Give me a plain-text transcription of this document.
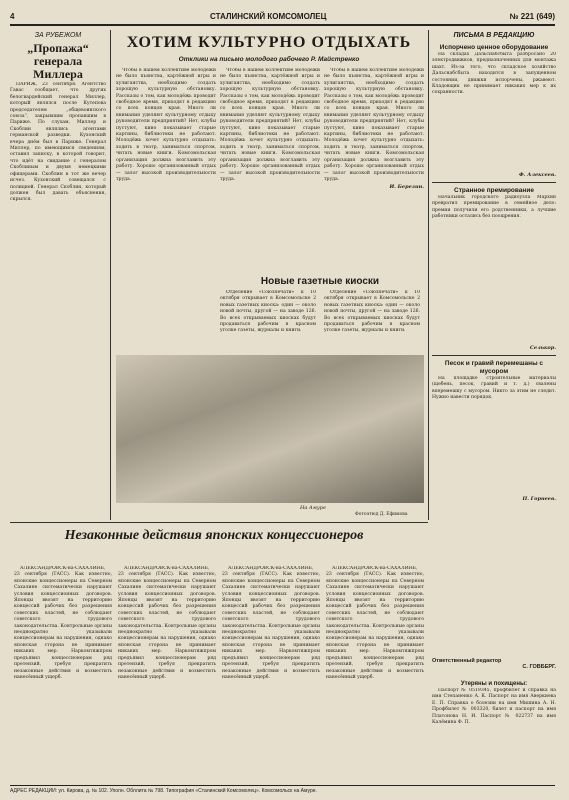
4	СТАЛИНСКИЙ КОМСОМОЛЕЦ	№ 221 (649)
ЗА РУБЕЖОМ
„Пропажа“ генерала Миллера

ПАРИЖ, 23 сентября. Агентство Гавас сообщает, что других белогвардейский генерал Миллер, который являлся после Кутепова председателем „общевоинского союза“, закрывшим пропавшим в Париже. По слухам, Миллер и Скоблин являлись агентами германской разведки. Кухонский вчера днём был в Париже. Генерал Миллер, по имеющимся сведениям, оставил записку, в которой говорит, что идёт на свидание с генералом Скоблиным и двумя немецкими офицерами. Скоблин в тот же вечер исчез. Кухонский совещался с полицией. Генерал Скоблин, который должен был давать объяснения, скрылся.

ХОТИМ КУЛЬТУРНО ОТДЫХАТЬ
Отклики на письмо молодого рабочего Р. Майстренко

Чтобы в нашем коллективе молодёжи не было пьянства, картёжной игры и хулиганства, необходимо создать хорошую культурную обстановку. Рассказы о том, как молодёжь проводит свободное время, приходят в редакцию со всех концов края. Много ли внимания уделяют культурному отдыху руководители предприятий? Нет, клубы пустуют, кино показывает старые картины, библиотеки не работают. Молодёжь хочет культурно отдыхать: ходить в театр, заниматься спортом, читать новые книги. Комсомольская организация должна возглавить эту работу. Хорошо организованный отдых — залог высокой производительности труда.

Чтобы в нашем коллективе молодёжи не было пьянства, картёжной игры и хулиганства, необходимо создать хорошую культурную обстановку. Рассказы о том, как молодёжь проводит свободное время, приходят в редакцию со всех концов края. Много ли внимания уделяют культурному отдыху руководители предприятий? Нет, клубы пустуют, кино показывает старые картины, библиотеки не работают. Молодёжь хочет культурно отдыхать: ходить в театр, заниматься спортом, читать новые книги. Комсомольская организация должна возглавить эту работу. Хорошо организованный отдых — залог высокой производительности труда.

Чтобы в нашем коллективе молодёжи не было пьянства, картёжной игры и хулиганства, необходимо создать хорошую культурную обстановку. Рассказы о том, как молодёжь проводит свободное время, приходят в редакцию со всех концов края. Много ли внимания уделяют культурному отдыху руководители предприятий? Нет, клубы пустуют, кино показывает старые картины, библиотеки не работают. Молодёжь хочет культурно отдыхать: ходить в театр, заниматься спортом, читать новые книги. Комсомольская организация должна возглавить эту работу. Хорошо организованный отдых — залог высокой производительности труда.

И. Березин.
Новые газетные киоски

Отделение «Союзпечати» к 10 октября открывает в Комсомольске 2 новых газетных киоска: один — около новой почты, другой — на заводе 126. Во всех открываемых киосках будут продаваться рабочим в красном уголке газеты, журналы и книги.

Отделение «Союзпечати» к 10 октября открывает в Комсомольске 2 новых газетных киоска: один — около новой почты, другой — на заводе 126. Во всех открываемых киосках будут продаваться рабочим в красном уголке газеты, журналы и книги.

На Амуре
Фотоэтюд Д. Ефимова
ПИСЬМА В РЕДАКЦИЮ
Испорчено ценное оборудование

На складах Дальснабсбыта разбросано 20 электродвижков, предназначенных для монтажа шахт. Из-за того, что складское хозяйство Дальснабсбыта находится в запущенном состоянии, движки испорчены, ржавеют. Кладовщик не принимает никаких мер к их сохранности.

Ф. Алексеев.
Странное премирование

Начальник городского радиоузла Мархин превратил премирование в семейное дело: премии получили его родственники, а лучшие работники остались без поощрения.

Селькор.
Песок и гравий перемешаны с мусором

На площадке строительные материалы (щебень, песок, гравий и т. д.) свалены вперемешку с мусором. Никто за этим не следит. Нужно навести порядок.

П. Горнеев.
Незаконные действия японских концессионеров

АЛЕКСАНДРОВСК-на-САХАЛИНЕ, 23 сентября (ТАСС). Как известно, японские концессионеры на Северном Сахалине систематически нарушают условия концессионных договоров. Японцы ввозят на территорию концессий рабочих без разрешения советских властей, не соблюдают советского трудового законодательства. Контрольные органы неоднократно указывали концессионерам на нарушения, однако японская сторона не принимает никаких мер. Наркомтяжпром предъявил концессионерам ряд претензий, требуя прекратить незаконные действия и возместить нанесённый ущерб.

АЛЕКСАНДРОВСК-на-САХАЛИНЕ, 23 сентября (ТАСС). Как известно, японские концессионеры на Северном Сахалине систематически нарушают условия концессионных договоров. Японцы ввозят на территорию концессий рабочих без разрешения советских властей, не соблюдают советского трудового законодательства. Контрольные органы неоднократно указывали концессионерам на нарушения, однако японская сторона не принимает никаких мер. Наркомтяжпром предъявил концессионерам ряд претензий, требуя прекратить незаконные действия и возместить нанесённый ущерб.

АЛЕКСАНДРОВСК-на-САХАЛИНЕ, 23 сентября (ТАСС). Как известно, японские концессионеры на Северном Сахалине систематически нарушают условия концессионных договоров. Японцы ввозят на территорию концессий рабочих без разрешения советских властей, не соблюдают советского трудового законодательства. Контрольные органы неоднократно указывали концессионерам на нарушения, однако японская сторона не принимает никаких мер. Наркомтяжпром предъявил концессионерам ряд претензий, требуя прекратить незаконные действия и возместить нанесённый ущерб.

АЛЕКСАНДРОВСК-на-САХАЛИНЕ, 23 сентября (ТАСС). Как известно, японские концессионеры на Северном Сахалине систематически нарушают условия концессионных договоров. Японцы ввозят на территорию концессий рабочих без разрешения советских властей, не соблюдают советского трудового законодательства. Контрольные органы неоднократно указывали концессионерам на нарушения, однако японская сторона не принимает никаких мер. Наркомтяжпром предъявил концессионерам ряд претензий, требуя прекратить незаконные действия и возместить нанесённый ущерб.

Ответственный редактор
С. ГОВБЕРГ.
Утеряны и похищены:

Паспорт № 0519345, профбилет и справка на имя Степаненко А. К. Паспорт на имя Аверкиева Е. П. Справка о болезни на имя Мишина А. Н. Профбилет № 003320, билет и паспорт на имя Платонова Н. И. Паспорт № 022737 на имя Калёмина Ф. П.

АДРЕС РЕДАКЦИИ: ул. Кирова, д. № 102. Уполн. Обллита № 798. Типография «Сталинский Комсомолец». Комсомольск на Амуре.
